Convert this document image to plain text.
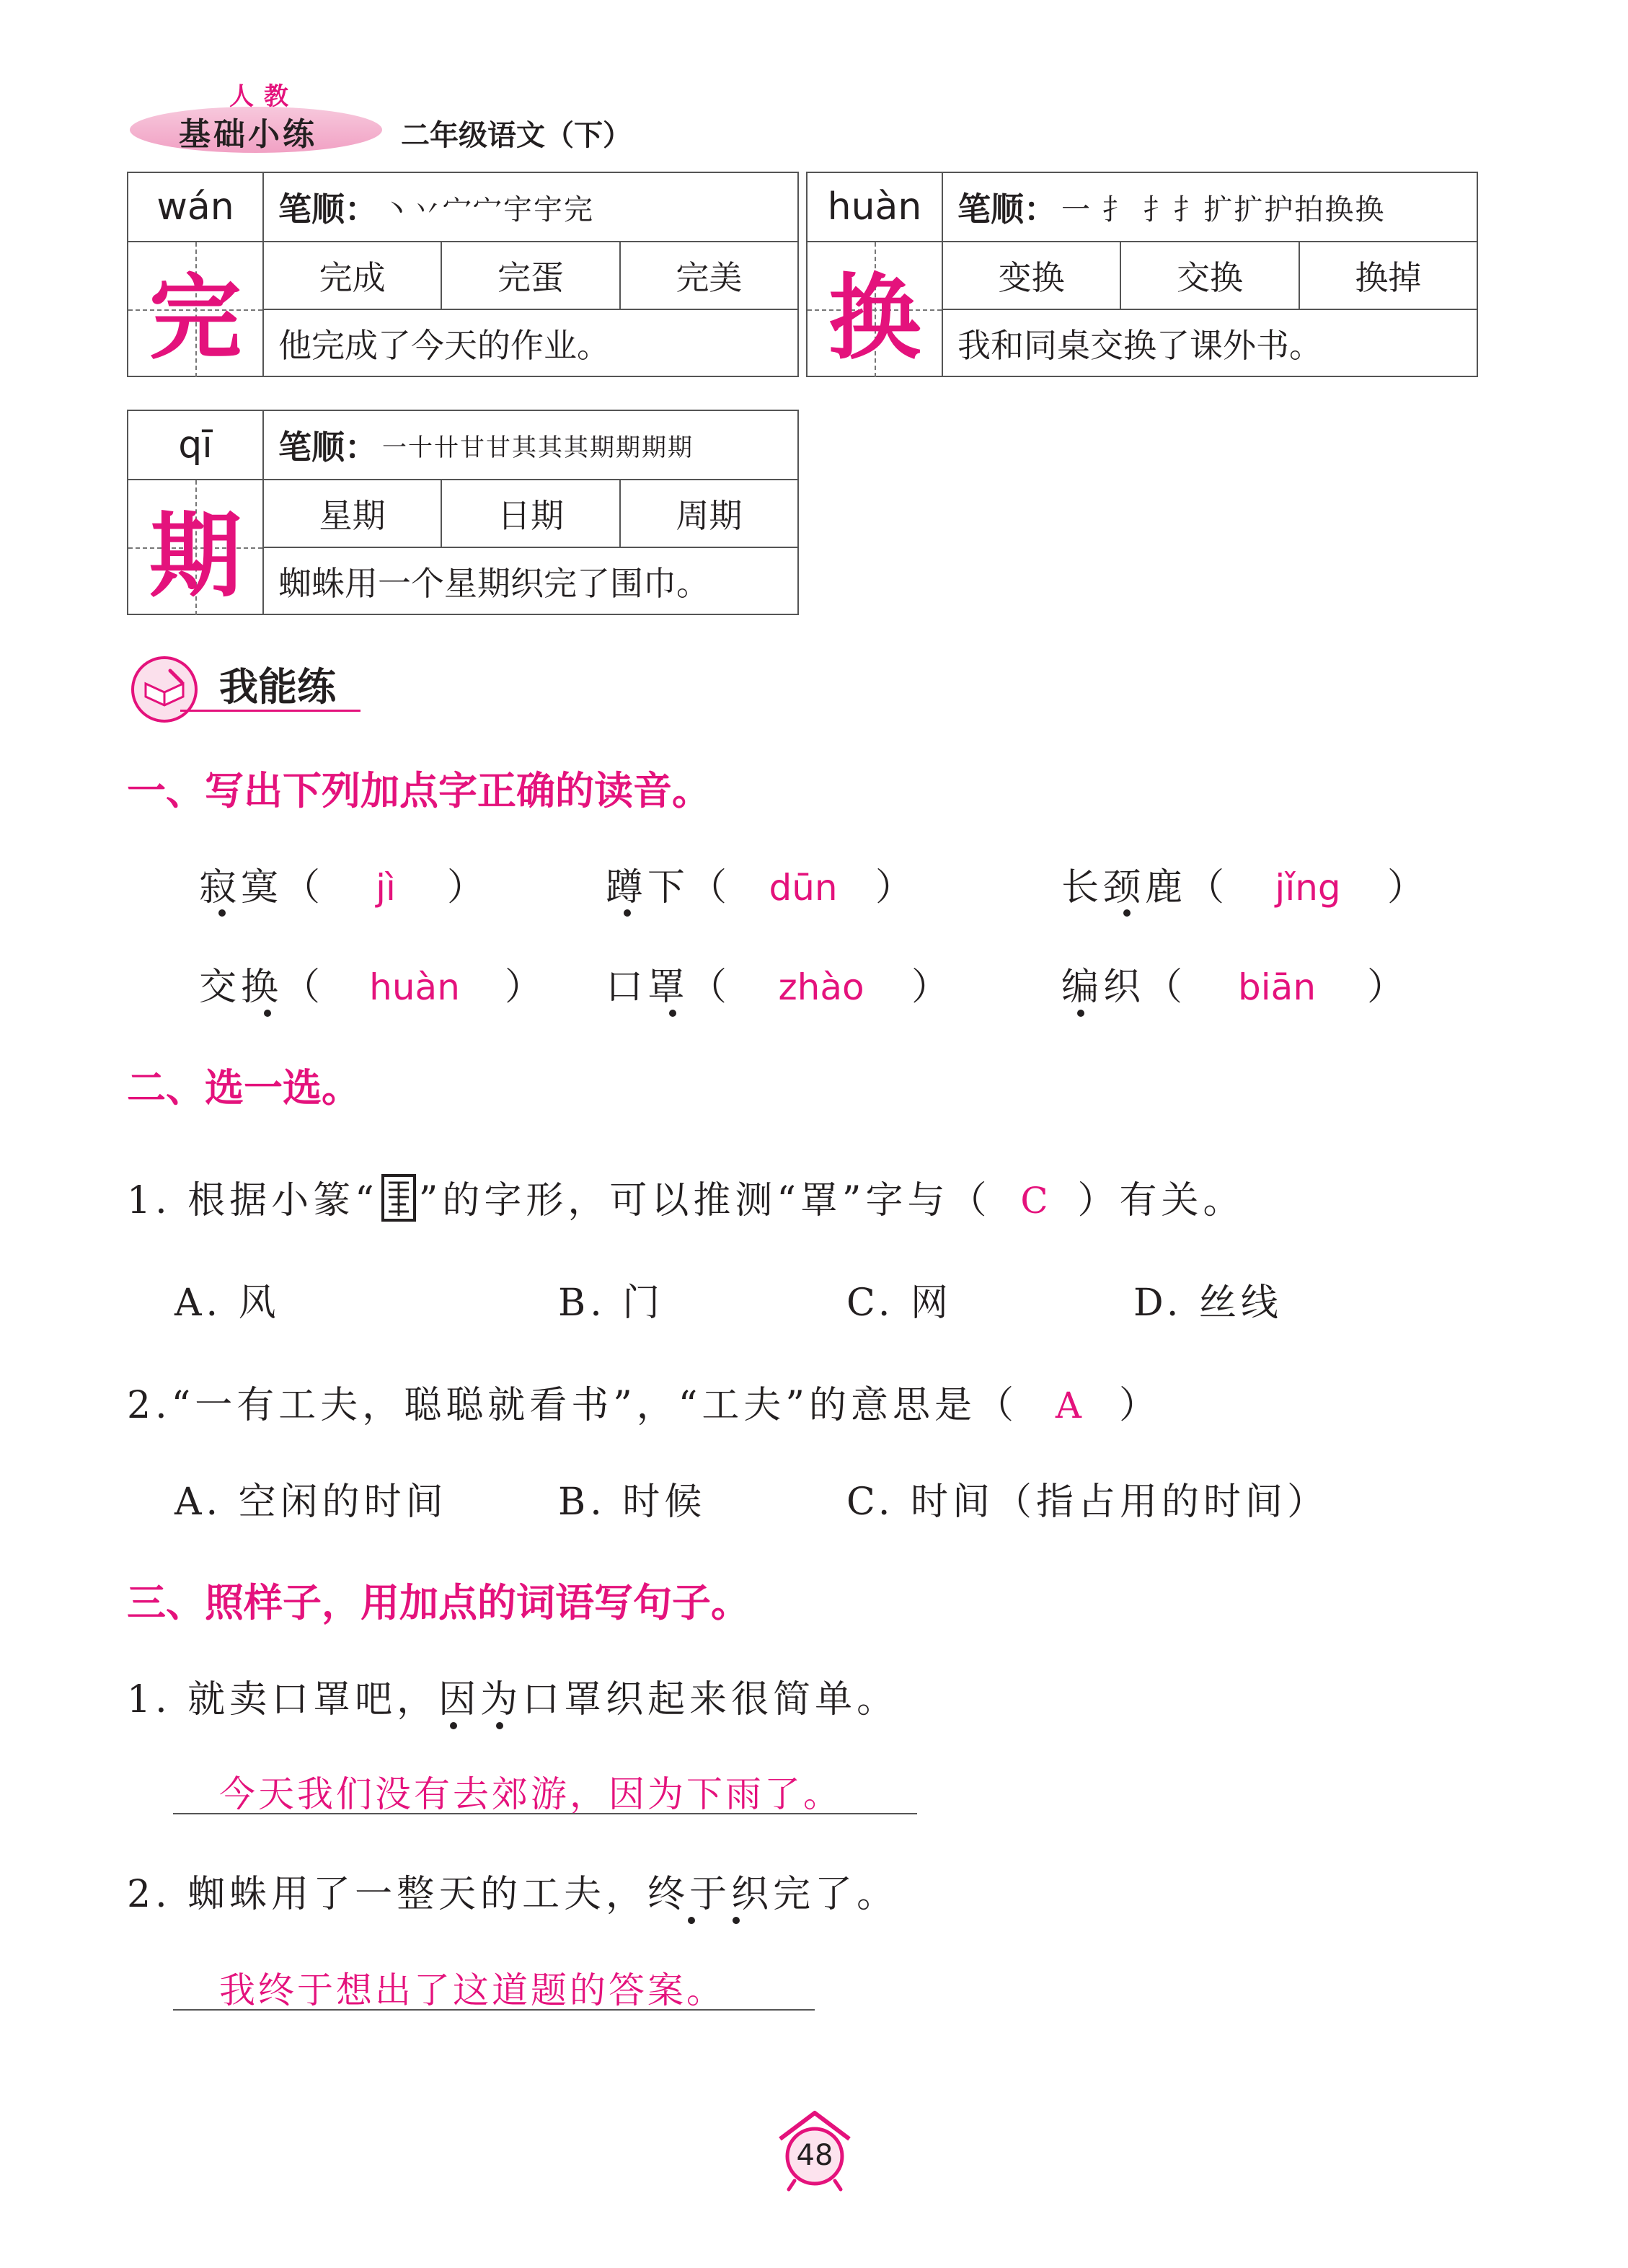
人教
基础小练	二年级语文（下）
wán
完
笔顺： 丶丷宀宀宇宇完
完成	完蛋	完美
他完成了今天的作业。
huàn
换
笔顺： 一 扌 扌扌扩扩护拍换换
变换	交换	换掉
我和同桌交换了课外书。
qī
期
笔顺： 一十卄甘甘其其其期期期期
星期	日期	周期
蜘蛛用一个星期织完了围巾。
我能练
一、写出下列加点字正确的读音。
寂寞（ jì ）	蹲下（ dūn ）	长颈鹿（ jǐng ）
交换（ huàn ） 口罩（ zhào ）	编织（ biān ）
二、选一选。
1. 根据小篆“ ”的字形，可以推测“罩”字与（ C ）有关。
A. 风	B. 门	C. 网	D. 丝线
2.“一有工夫，聪聪就看书”，“工夫”的意思是（ A ）
A. 空闲的时间	B. 时候	C. 时间（指占用的时间）
三、照样子，用加点的词语写句子。
1. 就卖口罩吧，因为口罩织起来很简单。
今天我们没有去郊游，因为下雨了。
2. 蜘蛛用了一整天的工夫，终于织完了。
我终于想出了这道题的答案。
48
